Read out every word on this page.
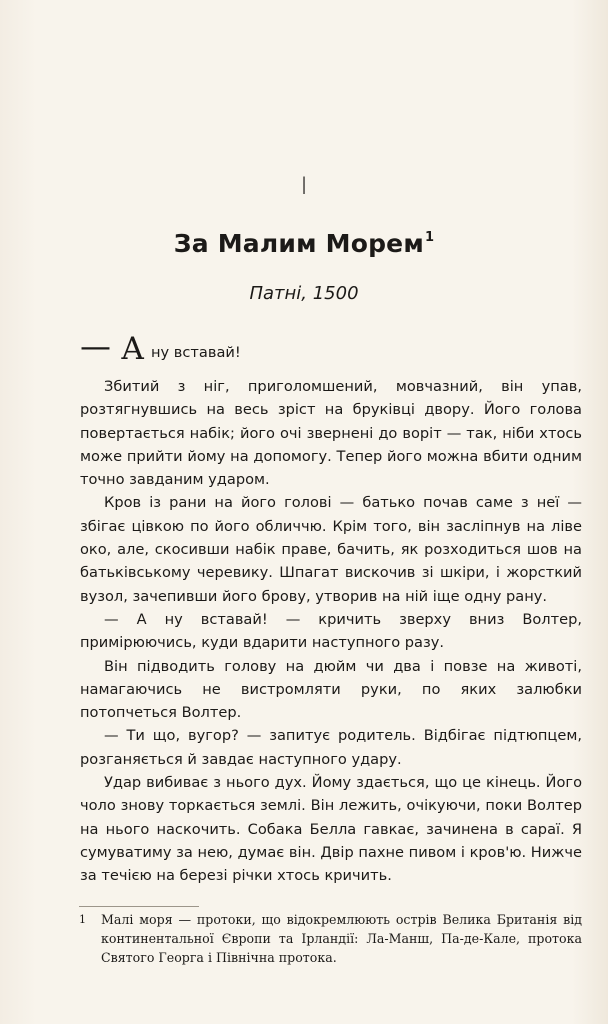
I
За Малим Морем$^1$
Патні, 1500

— А ну вставай!

Збитий з ніг, приголомшений, мовчазний, він упав, розтягнувшись на весь зріст на бруківці двору. Його голова повертається набік; його очі звернені до воріт — так, ніби хтось може прийти йому на допомогу. Тепер його можна вбити одним точно завданим ударом.

Кров із рани на його голові — батько почав саме з неї — збігає цівкою по його обличчю. Крім того, він засліпнув на ліве око, але, скосивши набік праве, бачить, як розходиться шов на батьківському черевику. Шпагат вискочив зі шкіри, і жорсткий вузол, зачепивши його брову, утворив на ній іще одну рану.

— А ну вставай! — кричить зверху вниз Волтер, примірюючись, куди вдарити наступного разу.

Він підводить голову на дюйм чи два і повзе на животі, намагаючись не вистромляти руки, по яких залюбки потопчеться Волтер.

— Ти що, вугор? — запитує родитель. Відбігає підтюпцем, розганяється й завдає наступного удару.

Удар вибиває з нього дух. Йому здається, що це кінець. Його чоло знову торкається землі. Він лежить, очікуючи, поки Волтер на нього наскочить. Собака Белла гавкає, зачинена в сараї. Я сумуватиму за нею, думає він. Двір пахне пивом і кров'ю. Нижче за течією на березі річки хтось кричить.

1 Малі моря — протоки, що відокремлюють острів Велика Британія від континентальної Європи та Ірландії: Ла-Манш, Па-де-Кале, протока Святого Георга і Північна протока.
